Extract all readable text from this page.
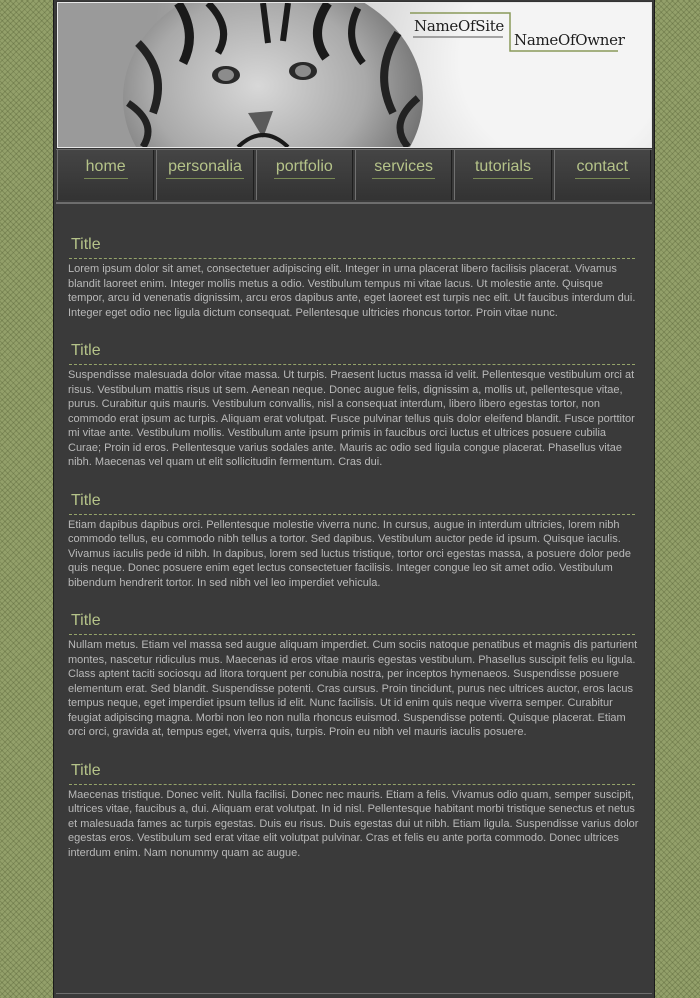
NameOfSite
NameOfOwner
home	personalia	portfolio	services	tutorials	contact
Title
Lorem ipsum dolor sit amet, consectetuer adipiscing elit. Integer in urna placerat libero facilisis placerat. Vivamus blandit laoreet enim. Integer mollis metus a odio. Vestibulum tempus mi vitae lacus. Ut molestie ante. Quisque tempor, arcu id venenatis dignissim, arcu eros dapibus ante, eget laoreet est turpis nec elit. Ut faucibus interdum dui. Integer eget odio nec ligula dictum consequat. Pellentesque ultricies rhoncus tortor. Proin vitae nunc.
Title
Suspendisse malesuada dolor vitae massa. Ut turpis. Praesent luctus massa id velit. Pellentesque vestibulum orci at risus. Vestibulum mattis risus ut sem. Aenean neque. Donec augue felis, dignissim a, mollis ut, pellentesque vitae, purus. Curabitur quis mauris. Vestibulum convallis, nisl a consequat interdum, libero libero egestas tortor, non commodo erat ipsum ac turpis. Aliquam erat volutpat. Fusce pulvinar tellus quis dolor eleifend blandit. Fusce porttitor mi vitae ante. Vestibulum mollis. Vestibulum ante ipsum primis in faucibus orci luctus et ultrices posuere cubilia Curae; Proin id eros. Pellentesque varius sodales ante. Mauris ac odio sed ligula congue placerat. Phasellus vitae nibh. Maecenas vel quam ut elit sollicitudin fermentum. Cras dui.
Title
Etiam dapibus dapibus orci. Pellentesque molestie viverra nunc. In cursus, augue in interdum ultricies, lorem nibh commodo tellus, eu commodo nibh tellus a tortor. Sed dapibus. Vestibulum auctor pede id ipsum. Quisque iaculis. Vivamus iaculis pede id nibh. In dapibus, lorem sed luctus tristique, tortor orci egestas massa, a posuere dolor pede quis neque. Donec posuere enim eget lectus consectetuer facilisis. Integer congue leo sit amet odio. Vestibulum bibendum hendrerit tortor. In sed nibh vel leo imperdiet vehicula.
Title
Nullam metus. Etiam vel massa sed augue aliquam imperdiet. Cum sociis natoque penatibus et magnis dis parturient montes, nascetur ridiculus mus. Maecenas id eros vitae mauris egestas vestibulum. Phasellus suscipit felis eu ligula. Class aptent taciti sociosqu ad litora torquent per conubia nostra, per inceptos hymenaeos. Suspendisse posuere elementum erat. Sed blandit. Suspendisse potenti. Cras cursus. Proin tincidunt, purus nec ultrices auctor, eros lacus tempus neque, eget imperdiet ipsum tellus id elit. Nunc facilisis. Ut id enim quis neque viverra semper. Curabitur feugiat adipiscing magna. Morbi non leo non nulla rhoncus euismod. Suspendisse potenti. Quisque placerat. Etiam orci orci, gravida at, tempus eget, viverra quis, turpis. Proin eu nibh vel mauris iaculis posuere.
Title
Maecenas tristique. Donec velit. Nulla facilisi. Donec nec mauris. Etiam a felis. Vivamus odio quam, semper suscipit, ultrices vitae, faucibus a, dui. Aliquam erat volutpat. In id nisl. Pellentesque habitant morbi tristique senectus et netus et malesuada fames ac turpis egestas. Duis eu risus. Duis egestas dui ut nibh. Etiam ligula. Suspendisse varius dolor egestas eros. Vestibulum sed erat vitae elit volutpat pulvinar. Cras et felis eu ante porta commodo. Donec ultrices interdum enim. Nam nonummy quam ac augue.
